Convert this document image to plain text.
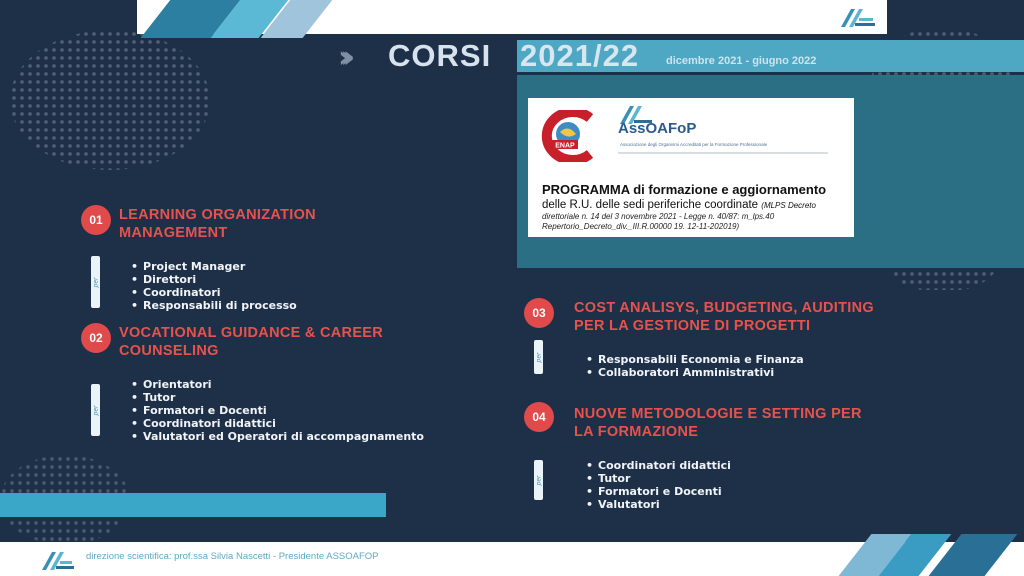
››› CORSI 2021/22 dicembre 2021 - giugno 2022
ENAP
AssOAFoP
Associazione degli Organismi Accreditati per la Formazione Professionale
PROGRAMMA di formazione e aggiornamento
delle R.U. delle sedi periferiche coordinate (MLPS Decreto
direttoriale n. 14 del 3 novembre 2021 - Legge n. 40/87: m_lps.40
Repertorio_Decreto_div._III.R.00000 19. 12-11-202019)
01	LEARNING ORGANIZATION
MANAGEMENT
per
• Project Manager
• Direttori
• Coordinatori
• Responsabili di processo
02	VOCATIONAL GUIDANCE & CAREER
COUNSELING
per
• Orientatori
• Tutor
• Formatori e Docenti
• Coordinatori didattici
• Valutatori ed Operatori di accompagnamento
03	COST ANALISYS, BUDGETING, AUDITING
PER LA GESTIONE DI PROGETTI
per
•	Responsabili Economia e Finanza
• Collaboratori Amministrativi
04	NUOVE METODOLOGIE E SETTING PER
LA FORMAZIONE
per
• Coordinatori didattici
• Tutor
• Formatori e Docenti
• Valutatori
direzione scientifica: prof.ssa Silvia Nascetti - Presidente ASSOAFOP
